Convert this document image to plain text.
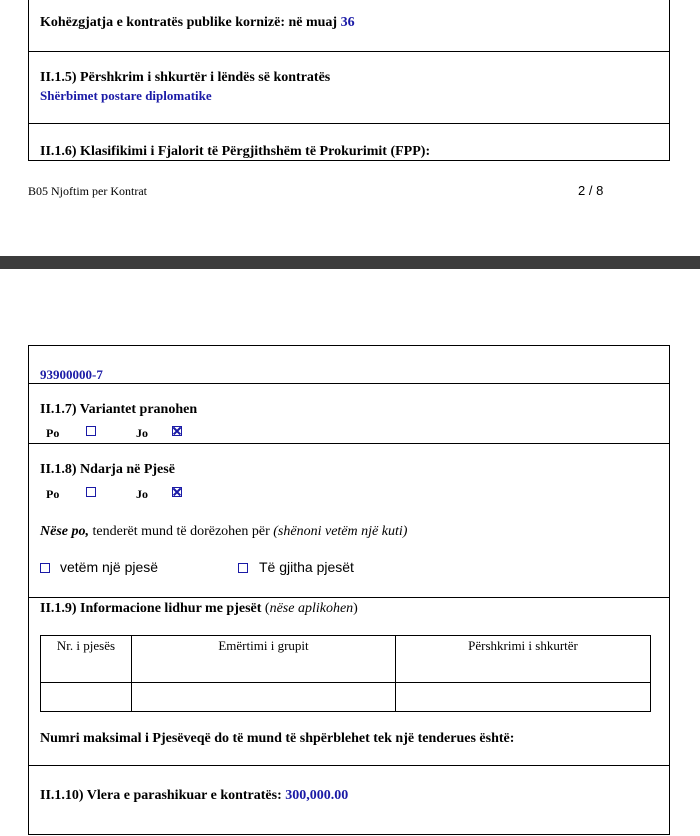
Kohëzgjatja e kontratës publike kornizë: në muaj 36
II.1.5) Përshkrim i shkurtër i lëndës së kontratës
Shërbimet postare diplomatike
II.1.6) Klasifikimi i Fjalorit të Përgjithshëm të Prokurimit (FPP):
B05 Njoftim per Kontrat	2 / 8
93900000-7
II.1.7) Variantet pranohen
Po	Jo
II.1.8) Ndarja në Pjesë
Po	Jo
Nëse po, tenderët mund të dorëzohen për (shënoni vetëm një kuti)
vetëm një pjesë	Të gjitha pjesët
II.1.9) Informacione lidhur me pjesët (nëse aplikohen)
Nr. i pjesës	Emërtimi i grupit	Përshkrimi i shkurtër

Numri maksimal i Pjesëveqë do të mund të shpërblehet tek një tenderues është:
II.1.10) Vlera e parashikuar e kontratës: 300,000.00
